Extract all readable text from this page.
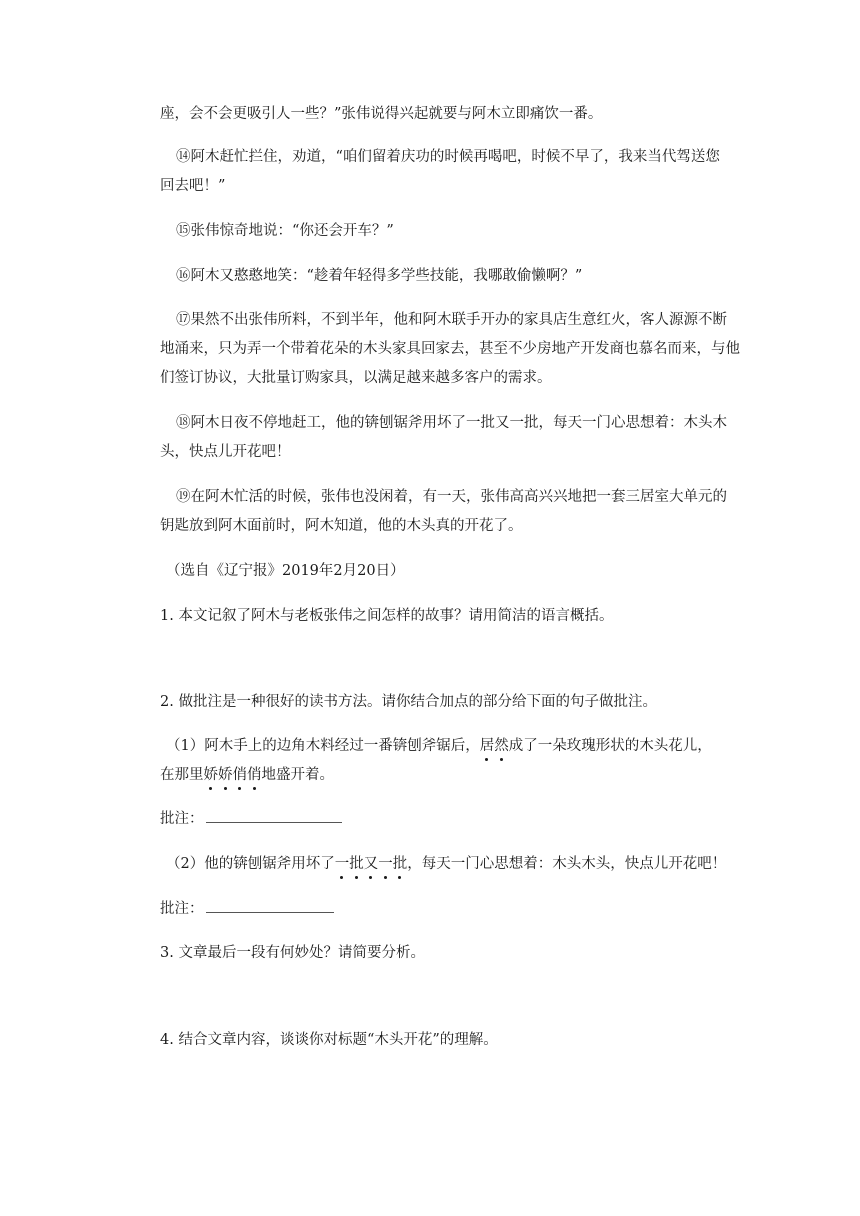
座，会不会更吸引人一些？”张伟说得兴起就要与阿木立即痛饮一番。
⑭阿木赶忙拦住，劝道，“咱们留着庆功的时候再喝吧，时候不早了，我来当代驾送您
回去吧！”
⑮张伟惊奇地说：“你还会开车？”
⑯阿木又憨憨地笑：“趁着年轻得多学些技能，我哪敢偷懒啊？”
⑰果然不出张伟所料，不到半年，他和阿木联手开办的家具店生意红火，客人源源不断
地涌来，只为弄一个带着花朵的木头家具回家去，甚至不少房地产开发商也慕名而来，与他
们签订协议，大批量订购家具，以满足越来越多客户的需求。
⑱阿木日夜不停地赶工，他的锛刨锯斧用坏了一批又一批，每天一门心思想着：木头木
头，快点儿开花吧！
⑲在阿木忙活的时候，张伟也没闲着，有一天，张伟高高兴兴地把一套三居室大单元的
钥匙放到阿木面前时，阿木知道，他的木头真的开花了。
（选自《辽宁报》2019年2月20日）
1. 本文记叙了阿木与老板张伟之间怎样的故事？请用简洁的语言概括。
2. 做批注是一种很好的读书方法。请你结合加点的部分给下面的句子做批注。
（1）阿木手上的边角木料经过一番锛刨斧锯后，居然成了一朵玫瑰形状的木头花儿，
在那里娇娇俏俏地盛开着。
批注：
（2）他的锛刨锯斧用坏了一批又一批，每天一门心思想着：木头木头，快点儿开花吧！
批注：
3. 文章最后一段有何妙处？请简要分析。
4. 结合文章内容，谈谈你对标题“木头开花”的理解。
